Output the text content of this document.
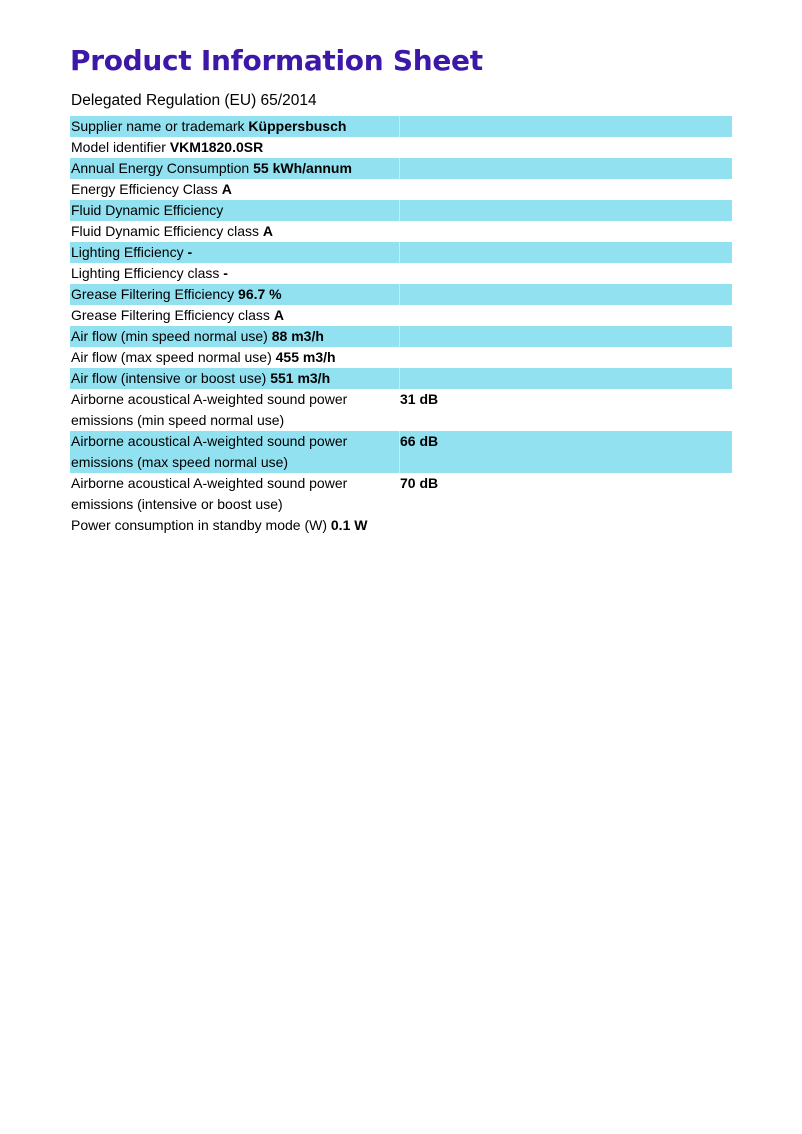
Product Information Sheet
Delegated Regulation (EU) 65/2014
Supplier name or trademark Küppersbusch
Model identifier VKM1820.0SR
Annual Energy Consumption 55 kWh/annum
Energy Efficiency Class A
Fluid Dynamic Efficiency
Fluid Dynamic Efficiency class A
Lighting Efficiency -
Lighting Efficiency class -
Grease Filtering Efficiency 96.7 %
Grease Filtering Efficiency class A
Air flow (min speed normal use) 88 m3/h
Air flow (max speed normal use) 455 m3/h
Air flow (intensive or boost use) 551 m3/h
Airborne acoustical A-weighted sound power
emissions (min speed normal use)
31 dB
Airborne acoustical A-weighted sound power
emissions (max speed normal use)
66 dB
Airborne acoustical A-weighted sound power
emissions (intensive or boost use)
70 dB
Power consumption in standby mode (W) 0.1 W
